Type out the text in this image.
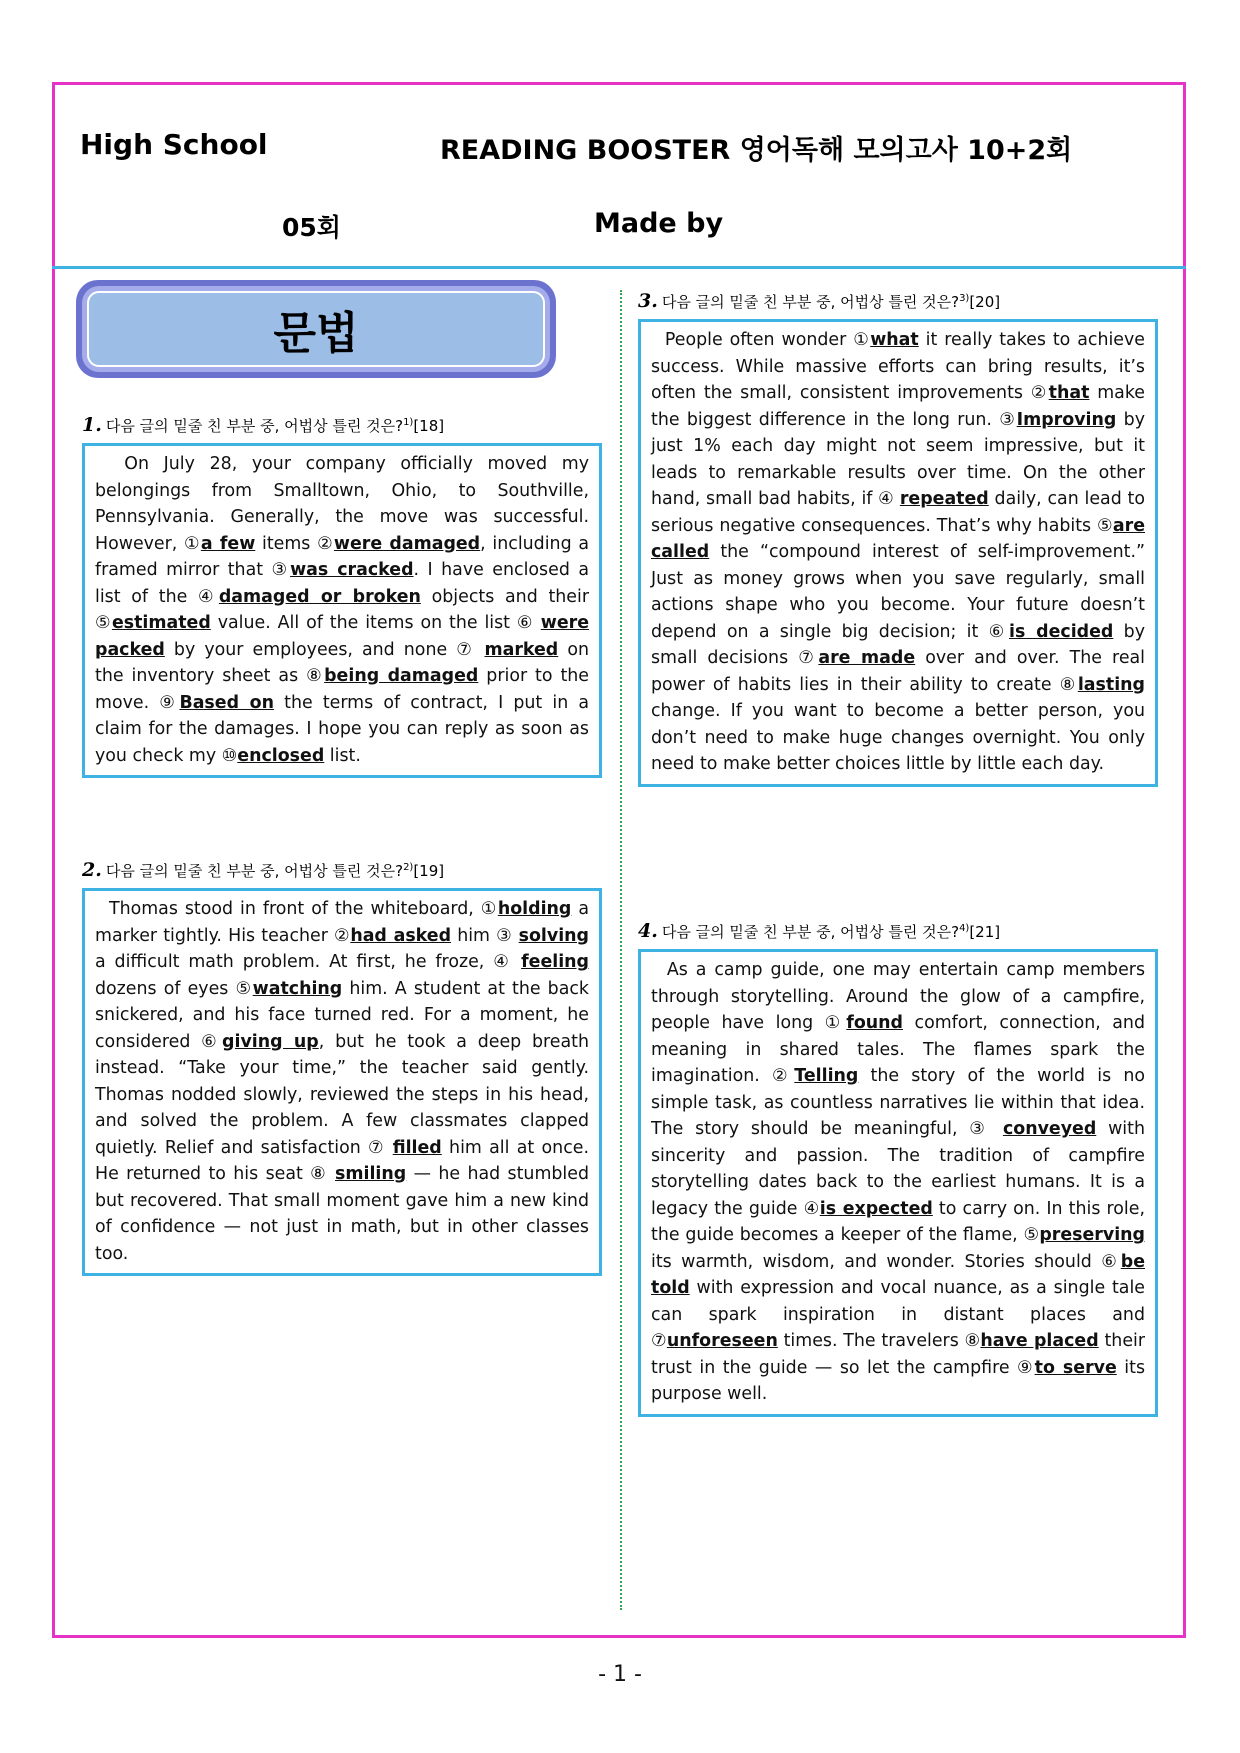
High School	READING BOOSTER 영어독해 모의고사 10+2회
05회	Made by
문법
1. 다음 글의 밑줄 친 부분 중, 어법상 틀린 것은?$^{1)}$[18]
On July 28, your company officially moved my belongings from Smalltown, Ohio, to Southville, Pennsylvania. Generally, the move was successful. However, ①a few items ②were damaged, including a framed mirror that ③was cracked. I have enclosed a list of the ④damaged or broken objects and their ⑤estimated value. All of the items on the list ⑥ were packed by your employees, and none ⑦ marked on the inventory sheet as ⑧being damaged prior to the move. ⑨Based on the terms of contract, I put in a claim for the damages. I hope you can reply as soon as you check my ⑩enclosed list.
2. 다음 글의 밑줄 친 부분 중, 어법상 틀린 것은?$^{2)}$[19]
Thomas stood in front of the whiteboard, ①holding a marker tightly. His teacher ②had asked him ③ solving a difficult math problem. At first, he froze, ④ feeling dozens of eyes ⑤watching him. A student at the back snickered, and his face turned red. For a moment, he considered ⑥giving up, but he took a deep breath instead. “Take your time,” the teacher said gently. Thomas nodded slowly, reviewed the steps in his head, and solved the problem. A few classmates clapped quietly. Relief and satisfaction ⑦ filled him all at once. He returned to his seat ⑧ smiling — he had stumbled but recovered. That small moment gave him a new kind of confidence — not just in math, but in other classes too.
3. 다음 글의 밑줄 친 부분 중, 어법상 틀린 것은?$^{3)}$[20]
People often wonder ①what it really takes to achieve success. While massive efforts can bring results, it’s often the small, consistent improvements ②that make the biggest difference in the long run. ③Improving by just 1% each day might not seem impressive, but it leads to remarkable results over time. On the other hand, small bad habits, if ④ repeated daily, can lead to serious negative consequences. That’s why habits ⑤are called the “compound interest of self-improvement.” Just as money grows when you save regularly, small actions shape who you become. Your future doesn’t depend on a single big decision; it ⑥is decided by small decisions ⑦are made over and over. The real power of habits lies in their ability to create ⑧lasting change. If you want to become a better person, you don’t need to make huge changes overnight. You only need to make better choices little by little each day.
4. 다음 글의 밑줄 친 부분 중, 어법상 틀린 것은?$^{4)}$[21]
As a camp guide, one may entertain camp members through storytelling. Around the glow of a campfire, people have long ①found comfort, connection, and meaning in shared tales. The flames spark the imagination. ②Telling the story of the world is no simple task, as countless narratives lie within that idea. The story should be meaningful, ③ conveyed with sincerity and passion. The tradition of campfire storytelling dates back to the earliest humans. It is a legacy the guide ④is expected to carry on. In this role, the guide becomes a keeper of the flame, ⑤preserving its warmth, wisdom, and wonder. Stories should ⑥be told with expression and vocal nuance, as a single tale can spark inspiration in distant places and ⑦unforeseen times. The travelers ⑧have placed their trust in the guide — so let the campfire ⑨to serve its purpose well.
- 1 -
